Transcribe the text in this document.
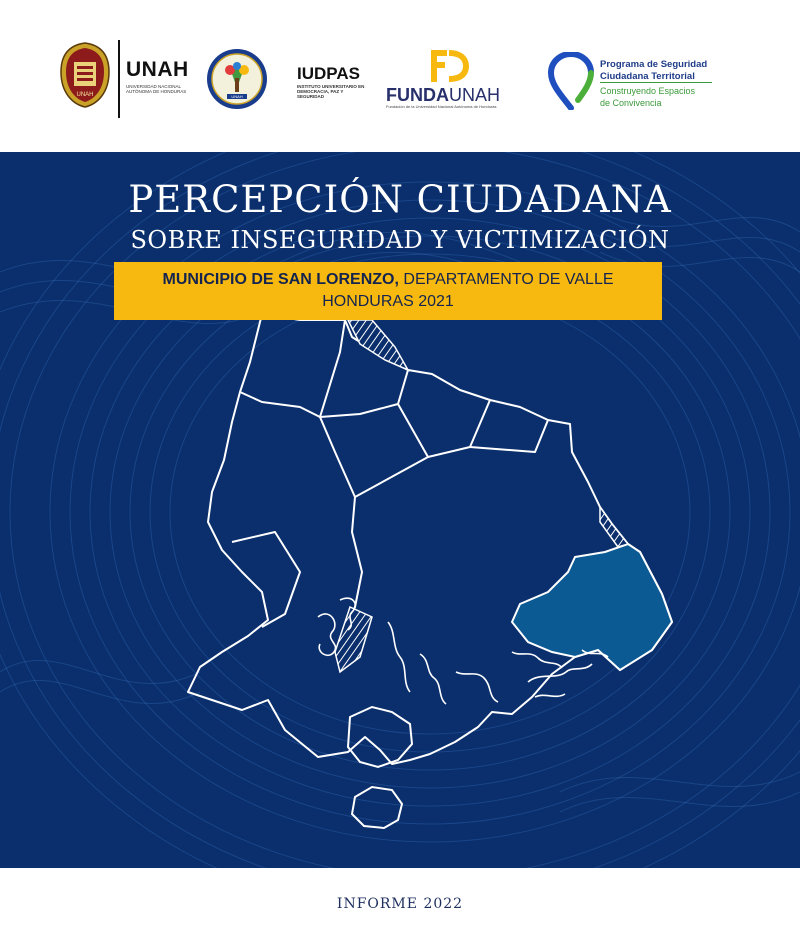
UNAH
UNAH
UNIVERSIDAD NACIONAL AUTÓNOMA DE HONDURAS
UNAH
IUDPAS
INSTITUTO UNIVERSITARIO EN DEMOCRACIA, PAZ Y SEGURIDAD	FUNDAUNAH
Fundación de la Universidad Nacional Autónoma de Honduras
Programa de Seguridad
Ciudadana Territorial
Construyendo Espacios
de Convivencia
PERCEPCIÓN CIUDADANA
SOBRE INSEGURIDAD Y VICTIMIZACIÓN
MUNICIPIO DE SAN LORENZO, DEPARTAMENTO DE VALLE
HONDURAS 2021
INFORME 2022
